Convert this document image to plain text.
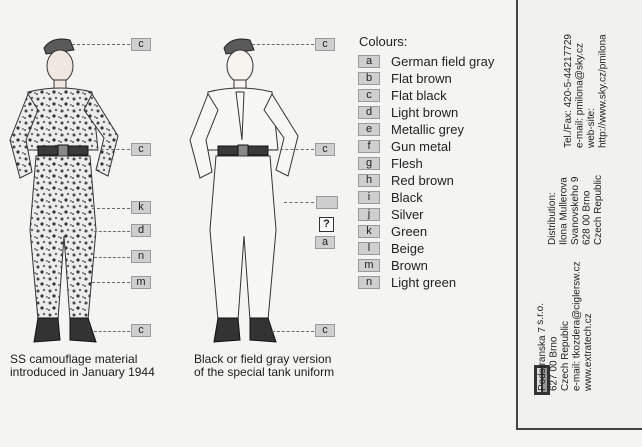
c
c
k
d
n
m
c
c
c
?
a
c
SS camouflage material
introduced in January 1944
Black or field gray version
of the special tank uniform
Colours:
a	German field gray
b	Flat brown
c	Flat black
d	Light brown
e	Metallic grey
f	Gun metal
g	Flesh
h	Red brown
i	Black
j	Silver
k	Green
l	Beige
m	Brown
n	Light green
s.r.o.
Podstranska 7 627 00 Brno Czech Republic e-mail: tkozdera@ciglersw.cz www.extratech.cz
Distribution: Ilona Mullerova Svanovskeho 9 628 00 Brno Czech Republic
Tel./Fax: 420-5-44217729 e-mail: pmilona@sky.cz web-site: http://www.sky.cz/pmilona
